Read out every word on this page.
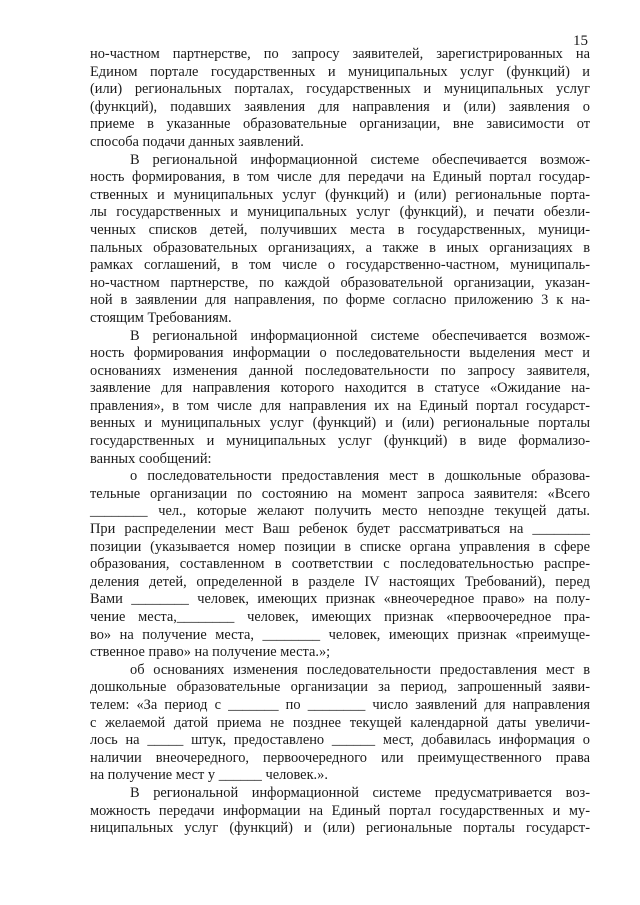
15
но-частном партнерстве, по запросу заявителей, зарегистрированных на
Едином портале государственных и муниципальных услуг (функций) и
(или) региональных порталах, государственных и муниципальных услуг
(функций), подавших заявления для направления и (или) заявления о
приеме в указанные образовательные организации, вне зависимости от
способа подачи данных заявлений.
В региональной информационной системе обеспечивается возмож-
ность формирования, в том числе для передачи на Единый портал государ-
ственных и муниципальных услуг (функций) и (или) региональные порта-
лы государственных и муниципальных услуг (функций), и печати обезли-
ченных списков детей, получивших места в государственных, муници-
пальных образовательных организациях, а также в иных организациях в
рамках соглашений, в том числе о государственно-частном, муниципаль-
но-частном партнерстве, по каждой образовательной организации, указан-
ной в заявлении для направления, по форме согласно приложению 3 к на-
стоящим Требованиям.
В региональной информационной системе обеспечивается возмож-
ность формирования информации о последовательности выделения мест и
основаниях изменения данной последовательности по запросу заявителя,
заявление для направления которого находится в статусе «Ожидание на-
правления», в том числе для направления их на Единый портал государст-
венных и муниципальных услуг (функций) и (или) региональные порталы
государственных и муниципальных услуг (функций) в виде формализо-
ванных сообщений:
о последовательности предоставления мест в дошкольные образова-
тельные организации по состоянию на момент запроса заявителя: «Всего
________ чел., которые желают получить место непоздне текущей даты.
При распределении мест Ваш ребенок будет рассматриваться на ________
позиции (указывается номер позиции в списке органа управления в сфере
образования, составленном в соответствии с последовательностью распре-
деления детей, определенной в разделе IV настоящих Требований), перед
Вами ________ человек, имеющих признак «внеочередное право» на полу-
чение места,________ человек, имеющих признак «первоочередное пра-
во» на получение места, ________ человек, имеющих признак «преимуще-
ственное право» на получение места.»;
об основаниях изменения последовательности предоставления мест в
дошкольные образовательные организации за период, запрошенный заяви-
телем: «За период с _______ по ________ число заявлений для направления
с желаемой датой приема не позднее текущей календарной даты увеличи-
лось на _____ штук, предоставлено ______ мест, добавилась информация о
наличии внеочередного, первоочередного или преимущественного права
на получение мест у ______ человек.».
В региональной информационной системе предусматривается воз-
можность передачи информации на Единый портал государственных и му-
ниципальных услуг (функций) и (или) региональные порталы государст-
